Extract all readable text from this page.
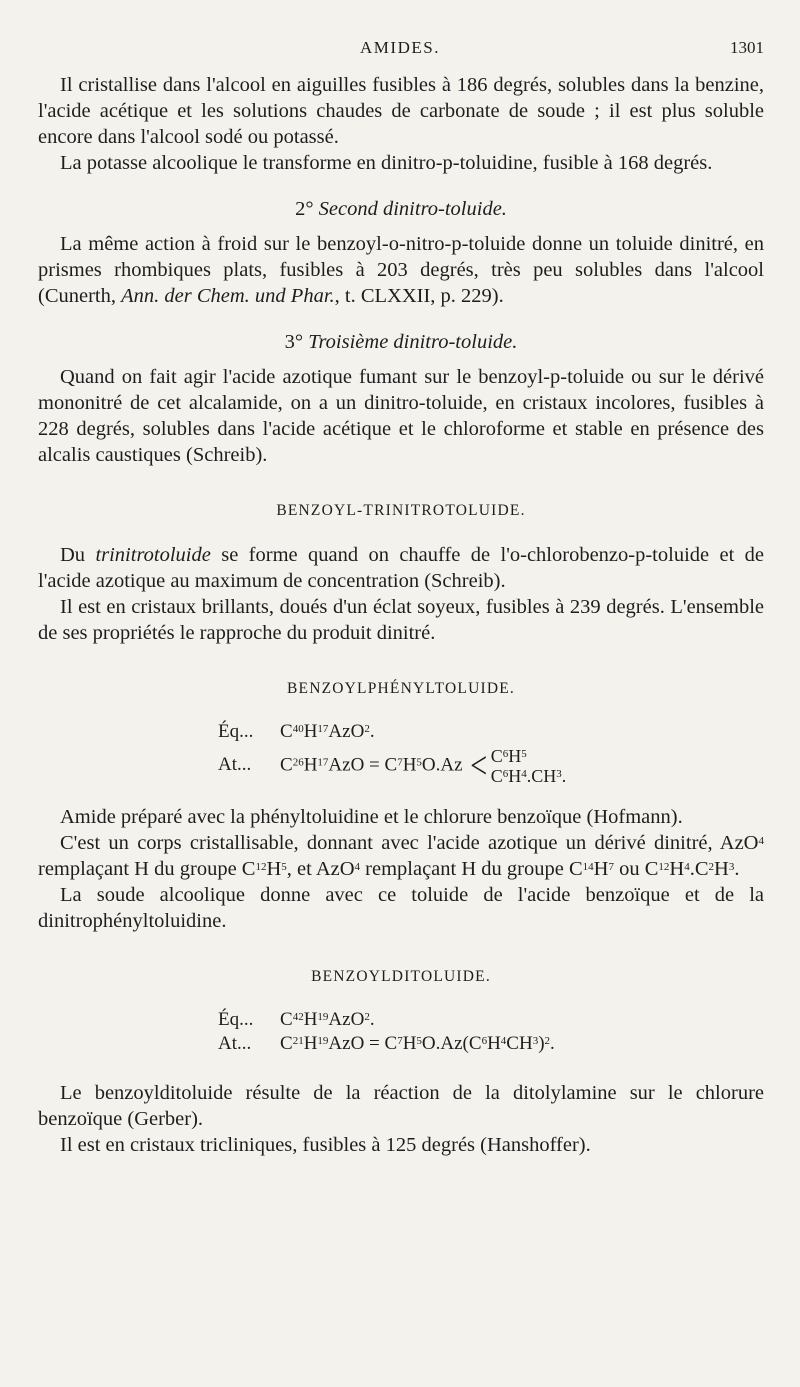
AMIDES.	1301

Il cristallise dans l'alcool en aiguilles fusibles à 186 degrés, solubles dans la benzine, l'acide acétique et les solutions chaudes de carbonate de soude ; il est plus soluble encore dans l'alcool sodé ou potassé.

La potasse alcoolique le transforme en dinitro-p-toluidine, fusible à 168 degrés.

2° Second dinitro-toluide.

La même action à froid sur le benzoyl-o-nitro-p-toluide donne un toluide dinitré, en prismes rhombiques plats, fusibles à 203 degrés, très peu solubles dans l'alcool (Cunerth, Ann. der Chem. und Phar., t. CLXXII, p. 229).

3° Troisième dinitro-toluide.

Quand on fait agir l'acide azotique fumant sur le benzoyl-p-toluide ou sur le dérivé mononitré de cet alcalamide, on a un dinitro-toluide, en cristaux incolores, fusibles à 228 degrés, solubles dans l'acide acétique et le chloroforme et stable en présence des alcalis caustiques (Schreib).

BENZOYL-TRINITROTOLUIDE.

Du trinitrotoluide se forme quand on chauffe de l'o-chlorobenzo-p-toluide et de l'acide azotique au maximum de concentration (Schreib).

Il est en cristaux brillants, doués d'un éclat soyeux, fusibles à 239 degrés. L'ensemble de ses propriétés le rapproche du produit dinitré.

BENZOYLPHÉNYLTOLUIDE.
Éq... $C^{40}H^{17}AzO^2$.
At... $C^{26}H^{17}AzO = C^7H^5O.Az < C^6H^5$
$C^6H^4.CH^3$.

Amide préparé avec la phényltoluidine et le chlorure benzoïque (Hofmann).

C'est un corps cristallisable, donnant avec l'acide azotique un dérivé dinitré, AzO$^4$ remplaçant H du groupe $C^{12}H^5$, et AzO$^4$ remplaçant H du groupe $C^{14}H^7$ ou $C^{12}H^4.C^2H^3$.

La soude alcoolique donne avec ce toluide de l'acide benzoïque et de la dinitrophényltoluidine.

BENZOYLDITOLUIDE.
Éq... $C^{42}H^{19}AzO^2$.
At... $C^{21}H^{19}AzO = C^7H^5O.Az(C^6H^4CH^3)^2$.

Le benzoylditoluide résulte de la réaction de la ditolylamine sur le chlorure benzoïque (Gerber).

Il est en cristaux tricliniques, fusibles à 125 degrés (Hanshoffer).
